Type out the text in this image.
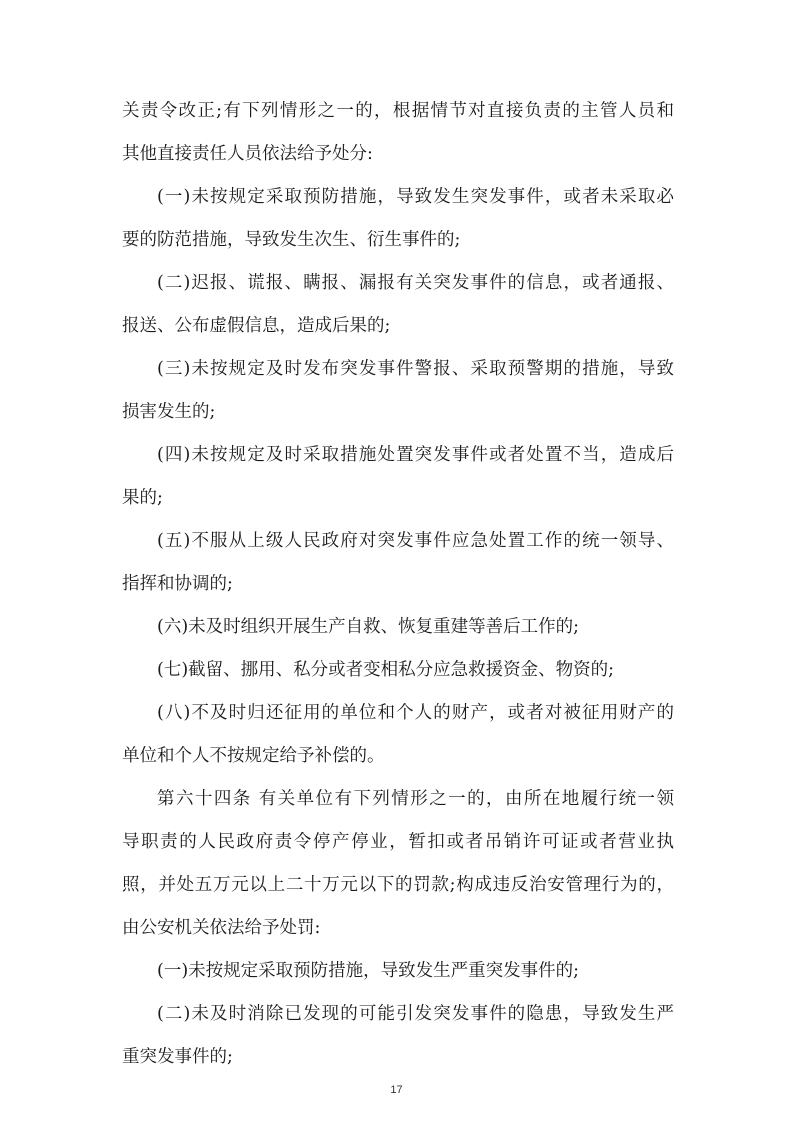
关责令改正;有下列情形之一的，根据情节对直接负责的主管人员和
其他直接责任人员依法给予处分:
(一)未按规定采取预防措施，导致发生突发事件，或者未采取必
要的防范措施，导致发生次生、衍生事件的;
(二)迟报、谎报、瞒报、漏报有关突发事件的信息，或者通报、
报送、公布虚假信息，造成后果的;
(三)未按规定及时发布突发事件警报、采取预警期的措施，导致
损害发生的;
(四)未按规定及时采取措施处置突发事件或者处置不当，造成后
果的;
(五)不服从上级人民政府对突发事件应急处置工作的统一领导、
指挥和协调的;
(六)未及时组织开展生产自救、恢复重建等善后工作的;
(七)截留、挪用、私分或者变相私分应急救援资金、物资的;
(八)不及时归还征用的单位和个人的财产，或者对被征用财产的
单位和个人不按规定给予补偿的。
第六十四条 有关单位有下列情形之一的，由所在地履行统一领
导职责的人民政府责令停产停业，暂扣或者吊销许可证或者营业执
照，并处五万元以上二十万元以下的罚款;构成违反治安管理行为的，
由公安机关依法给予处罚:
(一)未按规定采取预防措施，导致发生严重突发事件的;
(二)未及时消除已发现的可能引发突发事件的隐患，导致发生严
重突发事件的;
17
